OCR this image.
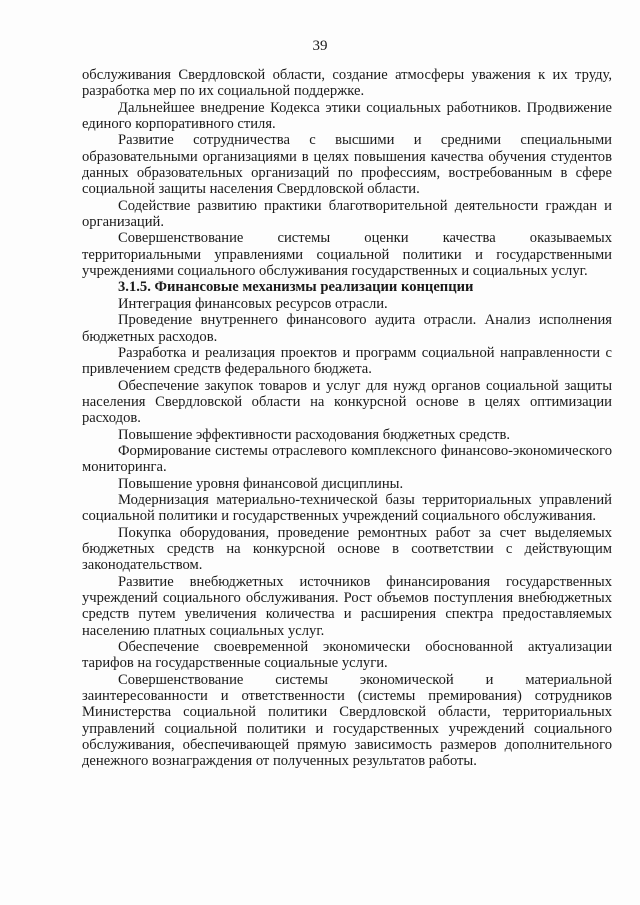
39

обслуживания Свердловской области, создание атмосферы уважения к их труду, разработка мер по их социальной поддержке.

Дальнейшее внедрение Кодекса этики социальных работников. Продвижение единого корпоративного стиля.

Развитие сотрудничества с высшими и средними специальными образовательными организациями в целях повышения качества обучения студентов данных образовательных организаций по профессиям, востребованным в сфере социальной защиты населения Свердловской области.

Содействие развитию практики благотворительной деятельности граждан и организаций.

Совершенствование системы оценки качества оказываемых территориальными управлениями социальной политики и государственными учреждениями социального обслуживания государственных и социальных услуг.

3.1.5. Финансовые механизмы реализации концепции

Интеграция финансовых ресурсов отрасли.

Проведение внутреннего финансового аудита отрасли. Анализ исполнения бюджетных расходов.

Разработка и реализация проектов и программ социальной направленности с привлечением средств федерального бюджета.

Обеспечение закупок товаров и услуг для нужд органов социальной защиты населения Свердловской области на конкурсной основе в целях оптимизации расходов.

Повышение эффективности расходования бюджетных средств.

Формирование системы отраслевого комплексного финансово-экономического мониторинга.

Повышение уровня финансовой дисциплины.

Модернизация материально-технической базы территориальных управлений социальной политики и государственных учреждений социального обслуживания.

Покупка оборудования, проведение ремонтных работ за счет выделяемых бюджетных средств на конкурсной основе в соответствии с действующим законодательством.

Развитие внебюджетных источников финансирования государственных учреждений социального обслуживания. Рост объемов поступления внебюджетных средств путем увеличения количества и расширения спектра предоставляемых населению платных социальных услуг.

Обеспечение своевременной экономически обоснованной актуализации тарифов на государственные социальные услуги.

Совершенствование системы экономической и материальной заинтересованности и ответственности (системы премирования) сотрудников Министерства социальной политики Свердловской области, территориальных управлений социальной политики и государственных учреждений социального обслуживания, обеспечивающей прямую зависимость размеров дополнительного денежного вознаграждения от полученных результатов работы.
